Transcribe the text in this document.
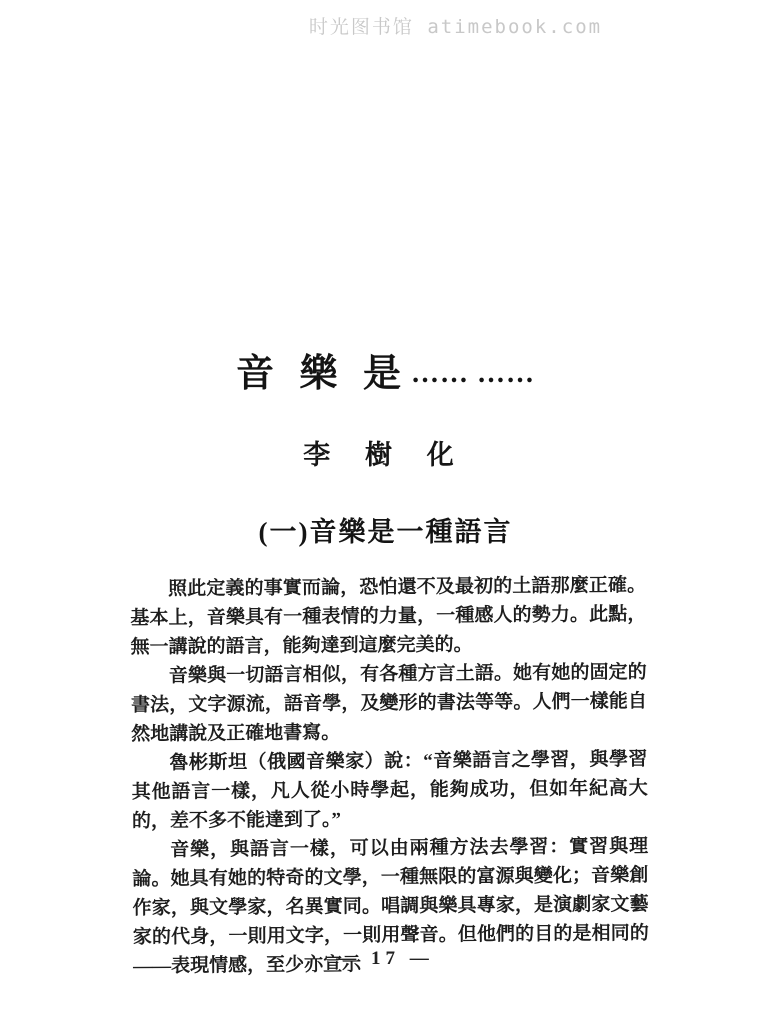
时光图书馆 atimebook.com
音 樂 是…… ……
李 樹 化
(一)音樂是一種語言

照此定義的事實而論，恐怕還不及最初的土語那麼正確。基本上，音樂具有一種表情的力量，一種感人的勢力。此點，無一講說的語言，能夠達到這麼完美的。

音樂與一切語言相似，有各種方言土語。她有她的固定的書法，文字源流，語音學，及變形的書法等等。人們一樣能自然地講說及正確地書寫。

魯彬斯坦（俄國音樂家）說：“音樂語言之學習，與學習其他語言一樣，凡人從小時學起，能夠成功，但如年紀高大的，差不多不能達到了。”

音樂，與語言一樣，可以由兩種方法去學習：實習與理論。她具有她的特奇的文學，一種無限的富源與變化；音樂創作家，與文學家，名異實同。唱調與樂具專家，是演劇家文藝家的代身，一則用文字，一則用聲音。但他們的目的是相同的——表現情感，至少亦宣示

— 17 —
